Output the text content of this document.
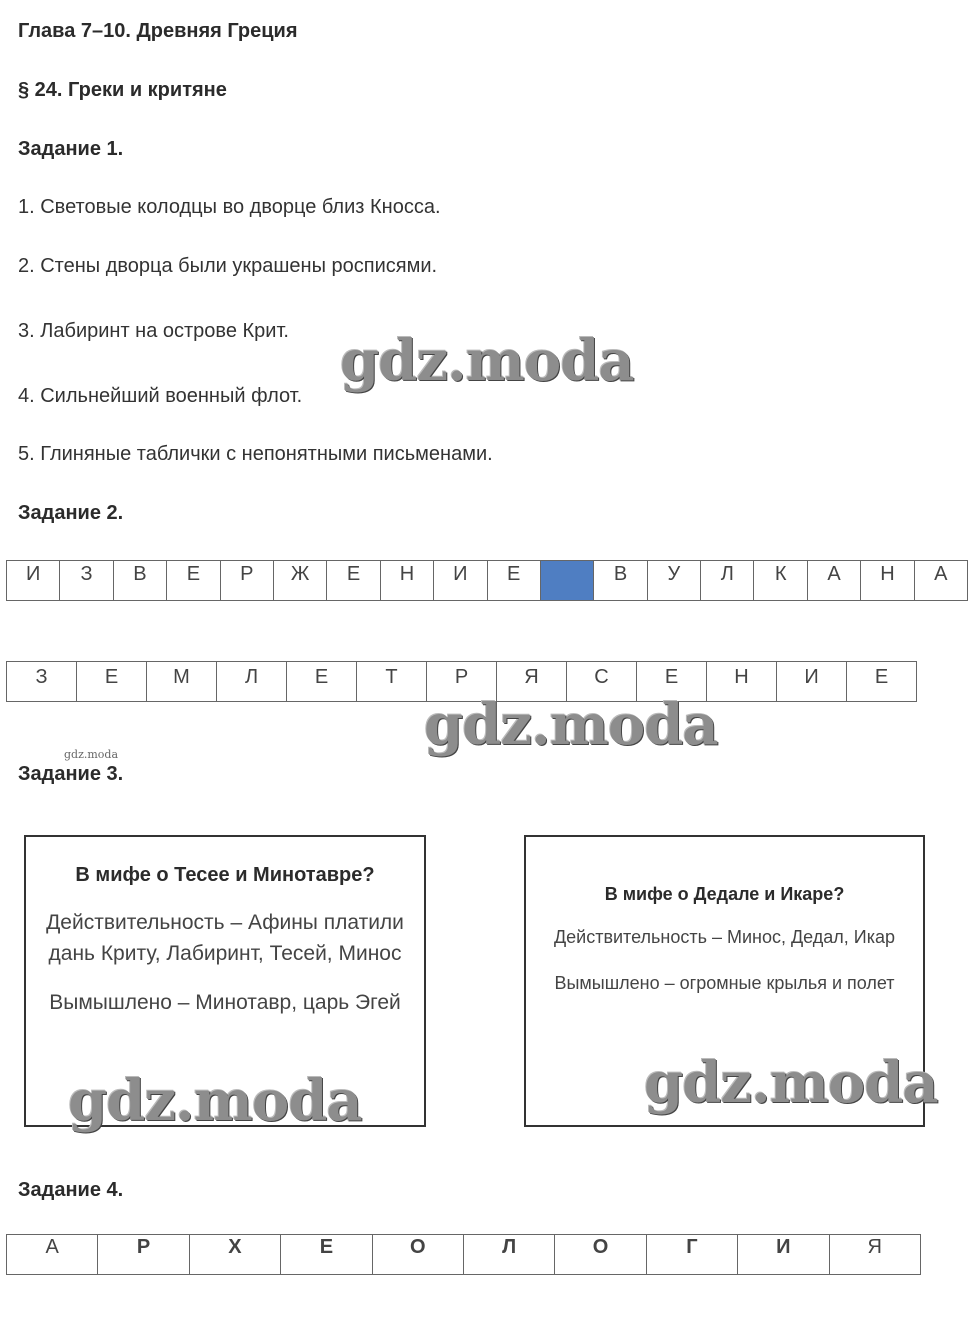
Глава 7–10. Древняя Греция
§ 24. Греки и критяне
Задание 1.
1. Световые колодцы во дворце близ Кносса.
2. Стены дворца были украшены росписями.
3. Лабиринт на острове Крит.
4. Сильнейший военный флот.
5. Глиняные таблички с непонятными письменами.
Задание 2.
И	З	В	Е	Р	Ж	Е	Н	И	Е	В	У	Л	К	А	Н	А
З	Е	М	Л	Е	Т	Р	Я	С	Е	Н	И	Е
gdz.moda
Задание 3.
В мифе о Тесее и Минотавре?
Действительность – Афины платили дань Криту, Лабиринт, Тесей, Минос
Вымышлено – Минотавр, царь Эгей
В мифе о Дедале и Икаре?
Действительность – Минос, Дедал, Икар
Вымышлено – огромные крылья и полет
Задание 4.
А	Р	Х	Е	О	Л	О	Г	И	Я
gdz.moda
gdz.moda
gdz.moda	gdz.moda
